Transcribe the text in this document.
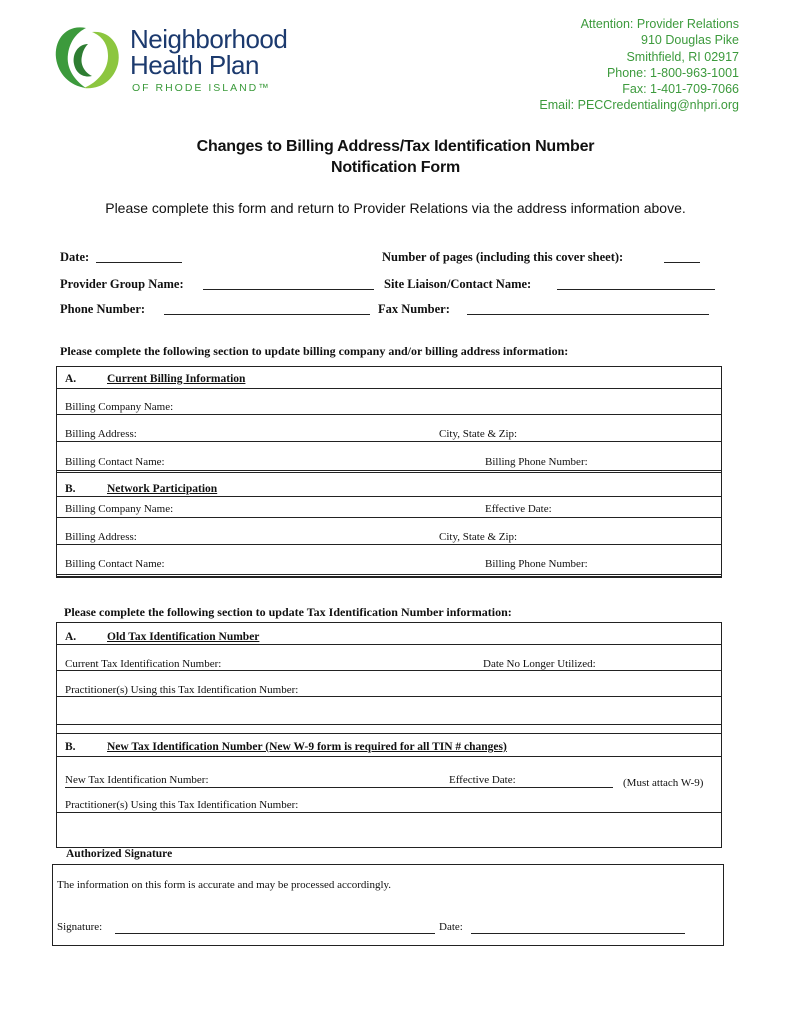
Neighborhood
Health Plan
OF RHODE ISLAND™
Attention: Provider Relations
910 Douglas Pike
Smithfield, RI 02917
Phone: 1-800-963-1001
Fax: 1-401-709-7066
Email: PECCredentialing@nhpri.org
Changes to Billing Address/Tax Identification Number
Notification Form
Please complete this form and return to Provider Relations via the address information above.
Date:	Number of pages (including this cover sheet):
Provider Group Name:	Site Liaison/Contact Name:
Phone Number:	Fax Number:
Please complete the following section to update billing company and/or billing address information:
A.	Current Billing Information
Billing Company Name:
Billing Address:	City, State & Zip:
Billing Contact Name:	Billing Phone Number:
B.	Network Participation
Billing Company Name:	Effective Date:
Billing Address:	City, State & Zip:
Billing Contact Name:	Billing Phone Number:
Please complete the following section to update Tax Identification Number information:
A.	Old Tax Identification Number
Current Tax Identification Number:	Date No Longer Utilized:
Practitioner(s) Using this Tax Identification Number:
B.	New Tax Identification Number (New W-9 form is required for all TIN # changes)
New Tax Identification Number:	Effective Date:	(Must attach W-9)
Practitioner(s) Using this Tax Identification Number:
Authorized Signature
The information on this form is accurate and may be processed accordingly.
Signature:	Date:
